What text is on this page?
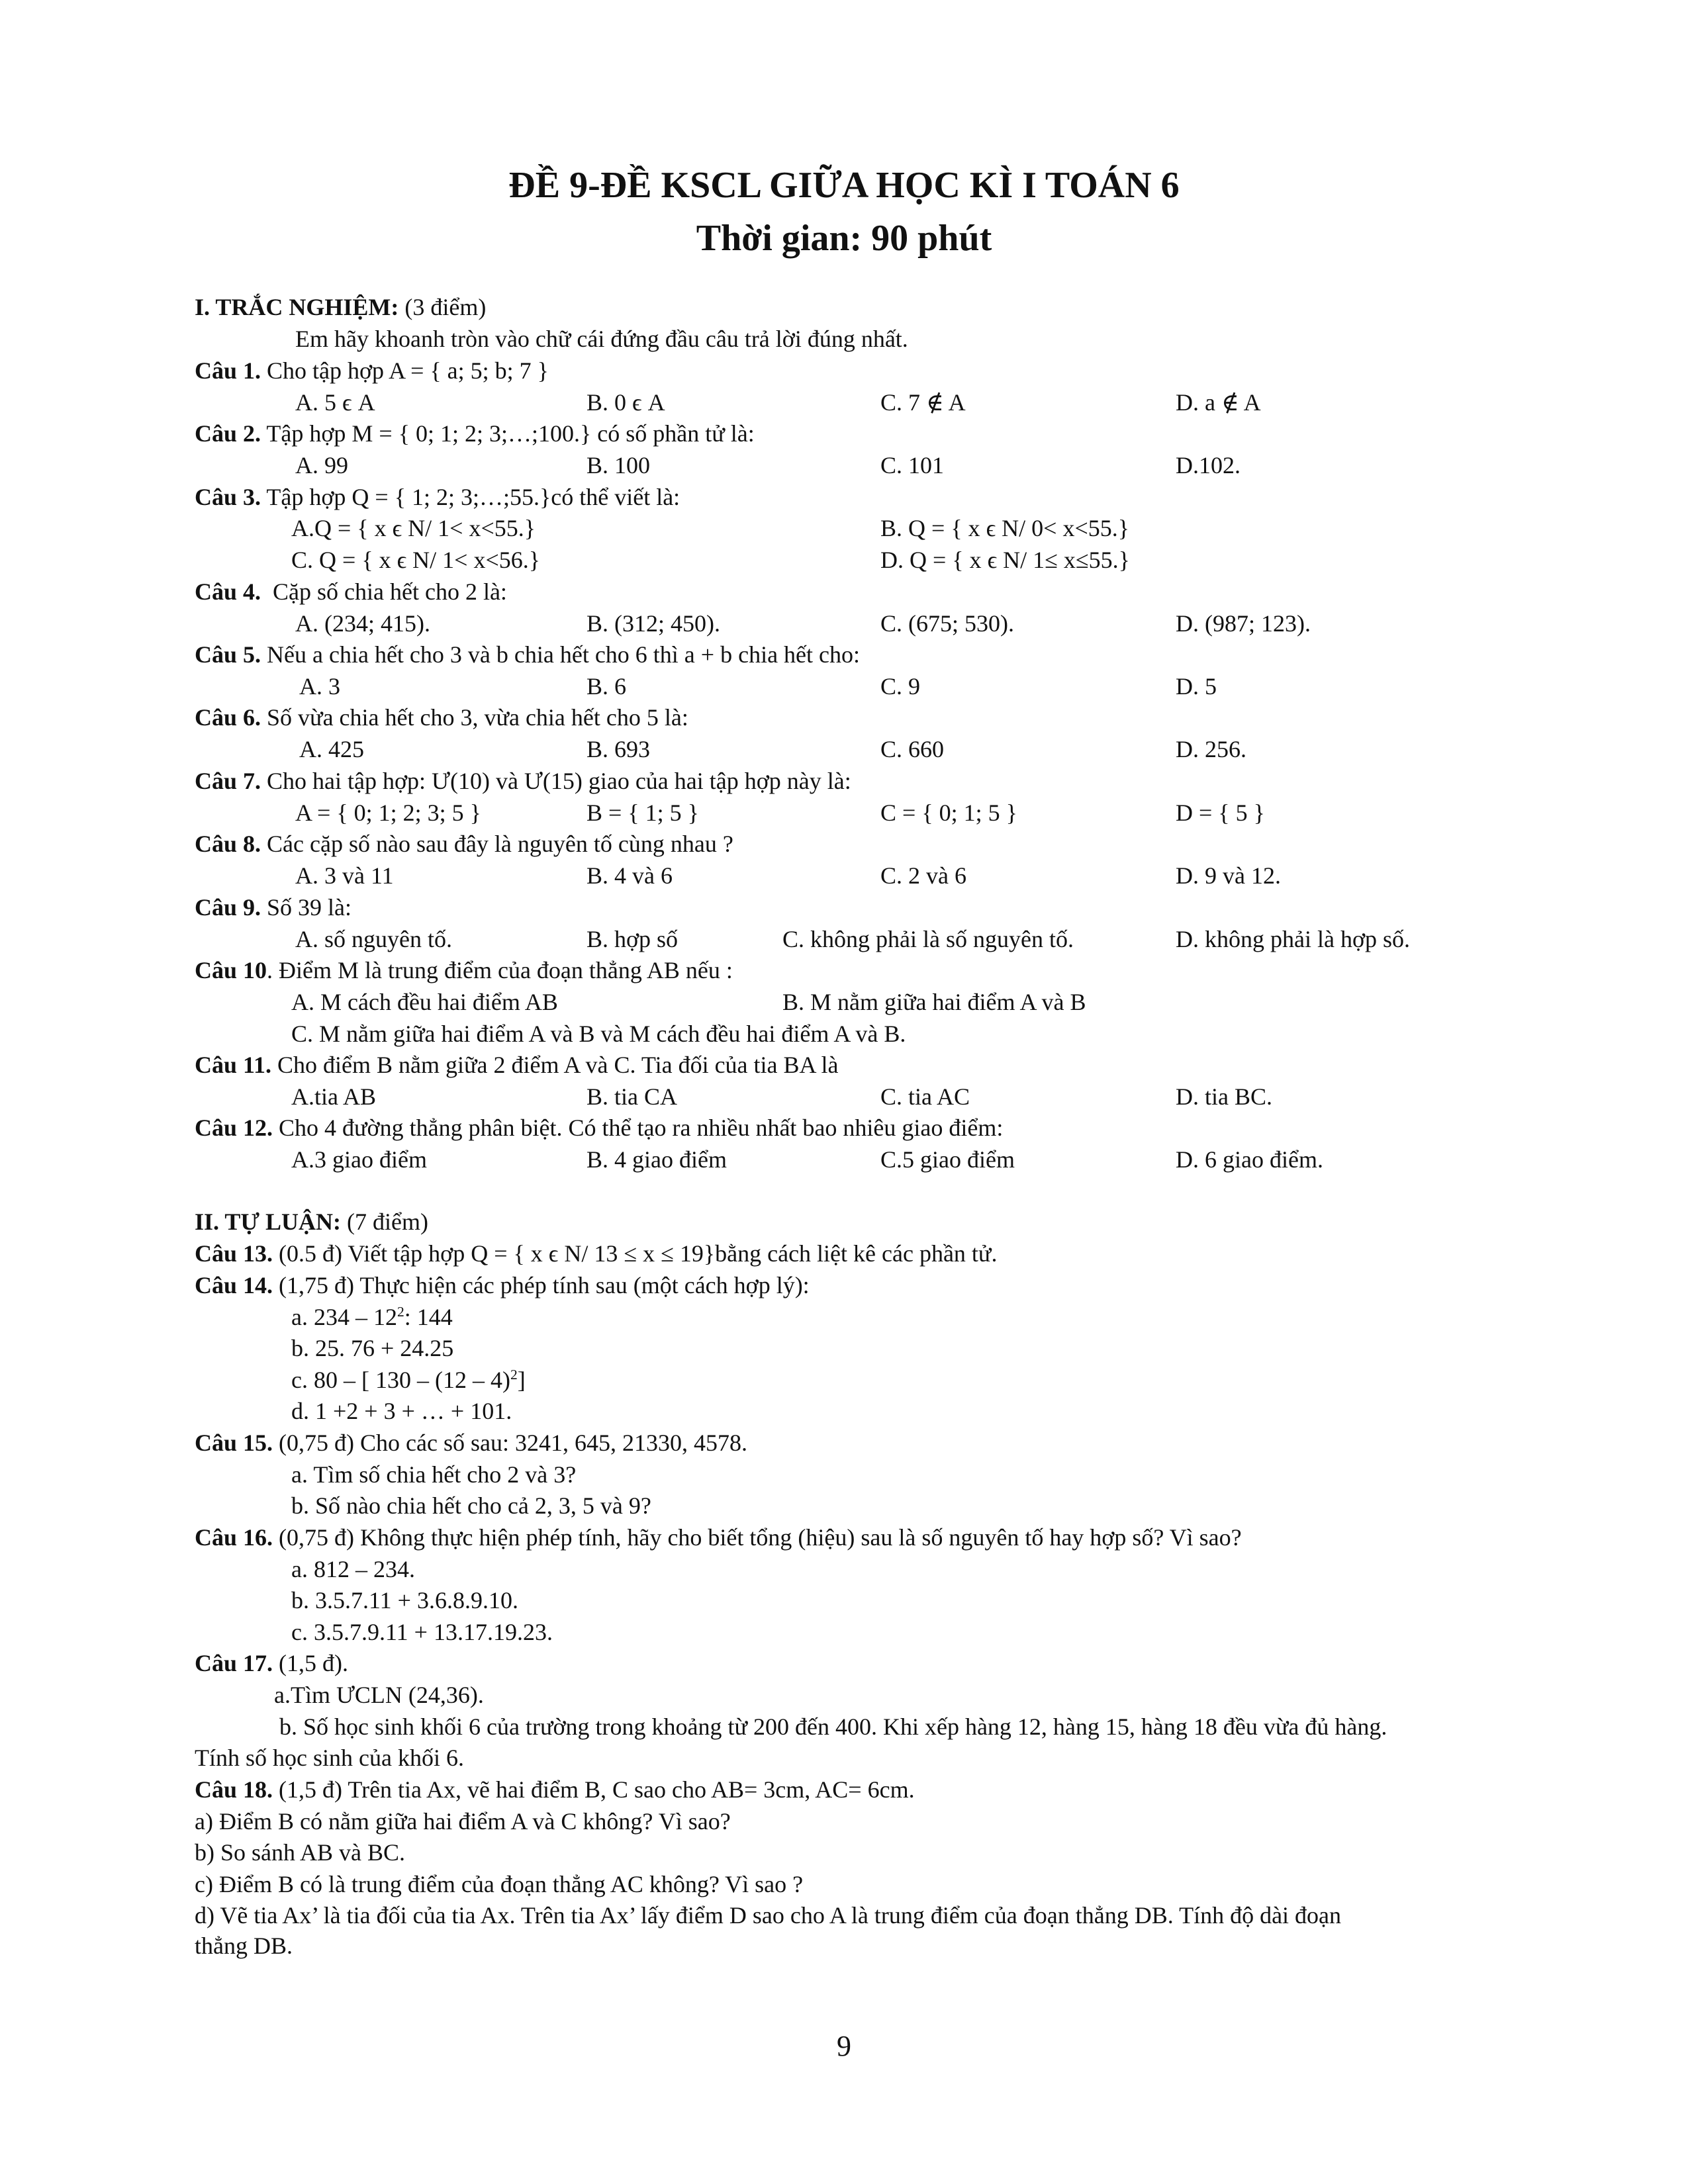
ĐỀ 9-ĐỀ KSCL GIỮA HỌC KÌ I TOÁN 6
Thời gian: 90 phút
I. TRẮC NGHIỆM: (3 điểm)
Em hãy khoanh tròn vào chữ cái đứng đầu câu trả lời đúng nhất.
Câu 1. Cho tập hợp A = { a; 5; b; 7 }
A. 5 ϵ A	B. 0 ϵ A	C. 7 ∉ A	D. a ∉ A
Câu 2. Tập hợp M = { 0; 1; 2; 3;…;100.} có số phần tử là:
A. 99	B. 100	C. 101	D.102.
Câu 3. Tập hợp Q = { 1; 2; 3;…;55.}có thể viết là:
A.Q = { x ϵ N/ 1< x<55.}	B. Q = { x ϵ N/ 0< x<55.}
C. Q = { x ϵ N/ 1< x<56.}	D. Q = { x ϵ N/ 1≤ x≤55.}
Câu 4. Cặp số chia hết cho 2 là:
A. (234; 415).	B. (312; 450).	C. (675; 530).	D. (987; 123).
Câu 5. Nếu a chia hết cho 3 và b chia hết cho 6 thì a + b chia hết cho:
A. 3	B. 6	C. 9	D. 5
Câu 6. Số vừa chia hết cho 3, vừa chia hết cho 5 là:
A. 425	B. 693	C. 660	D. 256.
Câu 7. Cho hai tập hợp: Ư(10) và Ư(15) giao của hai tập hợp này là:
A = { 0; 1; 2; 3; 5 }	B = { 1; 5 }	C = { 0; 1; 5 }	D = { 5 }
Câu 8. Các cặp số nào sau đây là nguyên tố cùng nhau ?
A. 3 và 11	B. 4 và 6	C. 2 và 6	D. 9 và 12.
Câu 9. Số 39 là:
A. số nguyên tố.	B. hợp số	C. không phải là số nguyên tố.	D. không phải là hợp số.
Câu 10. Điểm M là trung điểm của đoạn thẳng AB nếu :
A. M cách đều hai điểm AB	B. M nằm giữa hai điểm A và B
C. M nằm giữa hai điểm A và B và M cách đều hai điểm A và B.
Câu 11. Cho điểm B nằm giữa 2 điểm A và C. Tia đối của tia BA là
A.tia AB	B. tia CA	C. tia AC	D. tia BC.
Câu 12. Cho 4 đường thẳng phân biệt. Có thể tạo ra nhiều nhất bao nhiêu giao điểm:
A.3 giao điểm	B. 4 giao điểm	C.5 giao điểm	D. 6 giao điểm.
II. TỰ LUẬN: (7 điểm)
Câu 13. (0.5 đ) Viết tập hợp Q = { x ϵ N/ 13 ≤ x ≤ 19}bằng cách liệt kê các phần tử.
Câu 14. (1,75 đ) Thực hiện các phép tính sau (một cách hợp lý):
a. $234 - 12^2$: 144
b. 25. 76 + 24.25
c. 80 – [ 130 – (12 – 4)$^2$]
d. 1 +2 + 3 + … + 101.
Câu 15. (0,75 đ) Cho các số sau: 3241, 645, 21330, 4578.
a. Tìm số chia hết cho 2 và 3?
b. Số nào chia hết cho cả 2, 3, 5 và 9?
Câu 16. (0,75 đ) Không thực hiện phép tính, hãy cho biết tổng (hiệu) sau là số nguyên tố hay hợp số? Vì sao?
a. 812 – 234.
b. 3.5.7.11 + 3.6.8.9.10.
c. 3.5.7.9.11 + 13.17.19.23.
Câu 17. (1,5 đ).
a.Tìm ƯCLN (24,36).
b. Số học sinh khối 6 của trường trong khoảng từ 200 đến 400. Khi xếp hàng 12, hàng 15, hàng 18 đều vừa đủ hàng.
Tính số học sinh của khối 6.
Câu 18. (1,5 đ) Trên tia Ax, vẽ hai điểm B, C sao cho AB= 3cm, AC= 6cm.
a) Điểm B có nằm giữa hai điểm A và C không? Vì sao?
b) So sánh AB và BC.
c) Điểm B có là trung điểm của đoạn thẳng AC không? Vì sao ?
d) Vẽ tia Ax’ là tia đối của tia Ax. Trên tia Ax’ lấy điểm D sao cho A là trung điểm của đoạn thẳng DB. Tính độ dài đoạn
thẳng DB.
9
